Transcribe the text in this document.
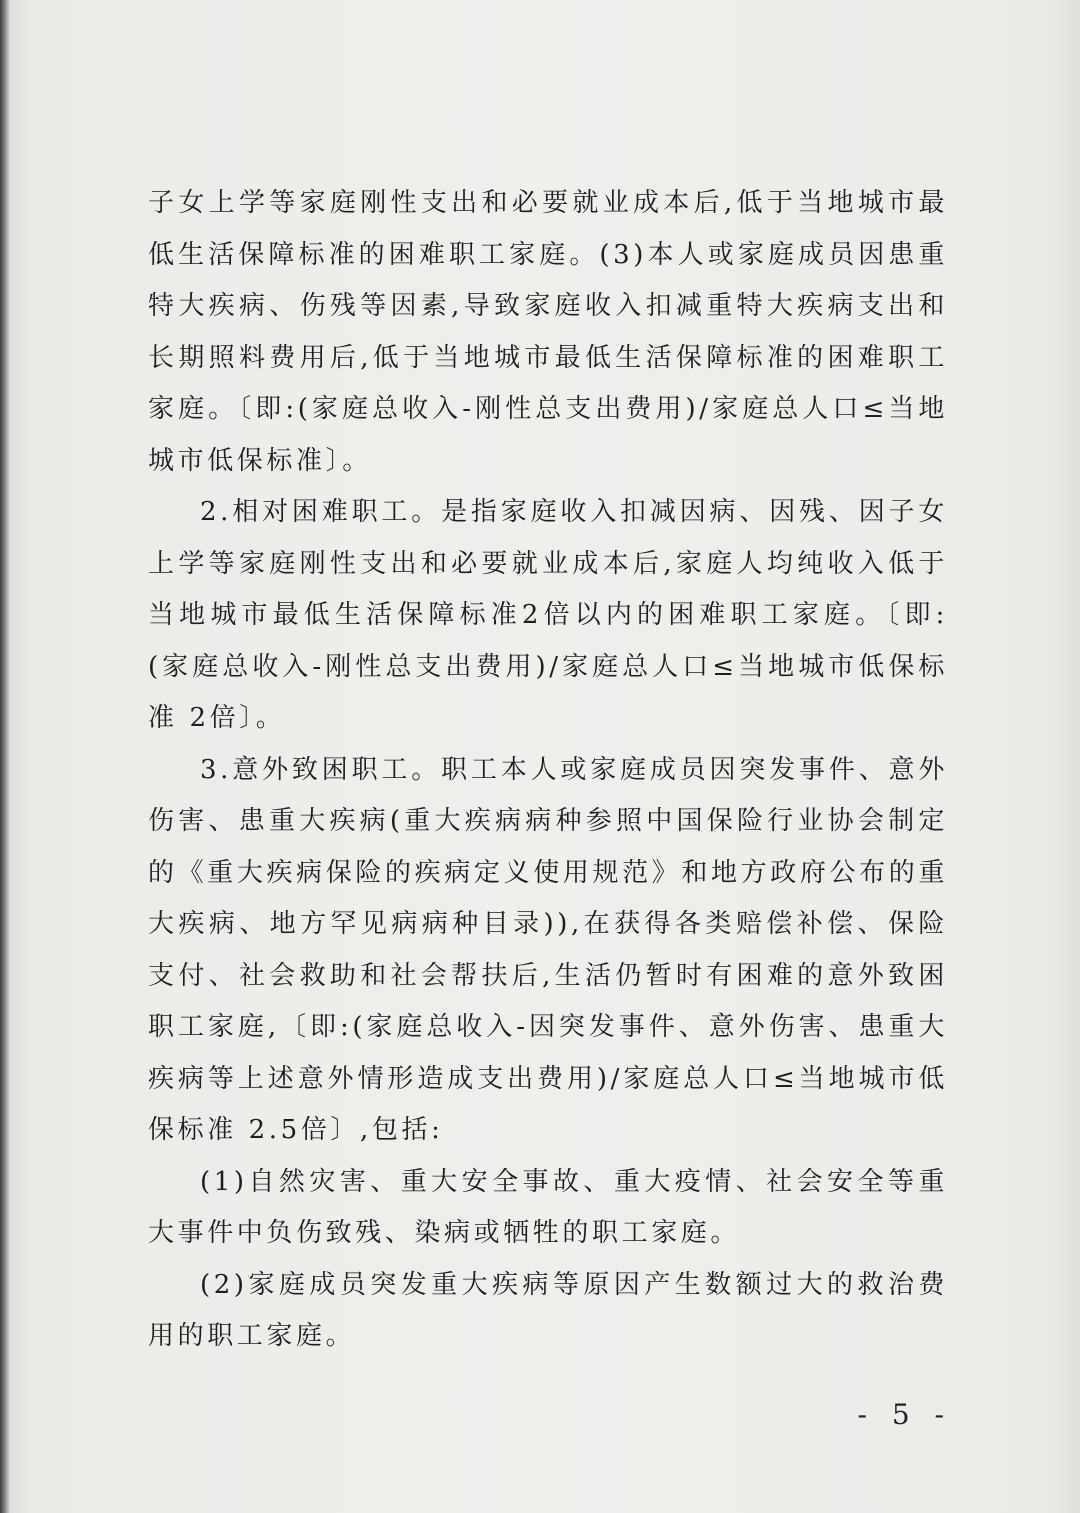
子女上学等家庭刚性支出和必要就业成本后,低于当地城市最低生活保障标准的困难职工家庭。(3)本人或家庭成员因患重特大疾病、伤残等因素,导致家庭收入扣减重特大疾病支出和长期照料费用后,低于当地城市最低生活保障标准的困难职工家庭。〔即:(家庭总收入-刚性总支出费用)/家庭总人口≤当地城市低保标准〕。

2.相对困难职工。是指家庭收入扣减因病、因残、因子女上学等家庭刚性支出和必要就业成本后,家庭人均纯收入低于当地城市最低生活保障标准2倍以内的困难职工家庭。〔即:(家庭总收入-刚性总支出费用)/家庭总人口≤当地城市低保标准 2倍〕。

3.意外致困职工。职工本人或家庭成员因突发事件、意外伤害、患重大疾病(重大疾病病种参照中国保险行业协会制定的《重大疾病保险的疾病定义使用规范》和地方政府公布的重大疾病、地方罕见病病种目录)),在获得各类赔偿补偿、保险支付、社会救助和社会帮扶后,生活仍暂时有困难的意外致困职工家庭,〔即:(家庭总收入-因突发事件、意外伤害、患重大疾病等上述意外情形造成支出费用)/家庭总人口≤当地城市低保标准 2.5倍〕,包括:

(1)自然灾害、重大安全事故、重大疫情、社会安全等重大事件中负伤致残、染病或牺牲的职工家庭。

(2)家庭成员突发重大疾病等原因产生数额过大的救治费用的职工家庭。

- 5 -
